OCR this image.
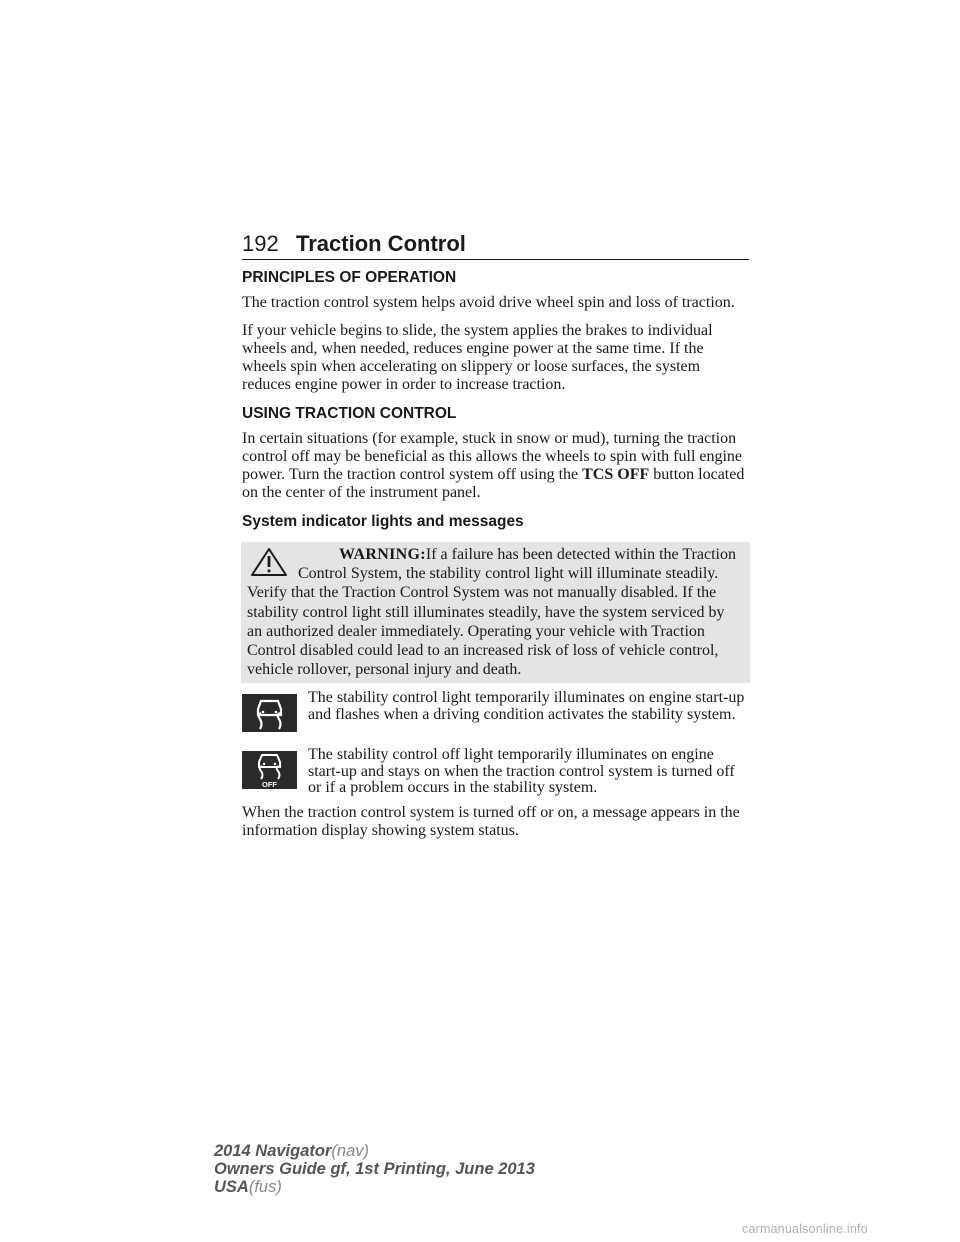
192 Traction Control
PRINCIPLES OF OPERATION

The traction control system helps avoid drive wheel spin and loss of traction.

If your vehicle begins to slide, the system applies the brakes to individual wheels and, when needed, reduces engine power at the same time. If the wheels spin when accelerating on slippery or loose surfaces, the system reduces engine power in order to increase traction.

USING TRACTION CONTROL

In certain situations (for example, stuck in snow or mud), turning the traction control off may be beneficial as this allows the wheels to spin with full engine power. Turn the traction control system off using the TCS OFF button located on the center of the instrument panel.

System indicator lights and messages
WARNING:If a failure has been detected within the Traction Control System, the stability control light will illuminate steadily. Verify that the Traction Control System was not manually disabled. If the stability control light still illuminates steadily, have the system serviced by an authorized dealer immediately. Operating your vehicle with Traction Control disabled could lead to an increased risk of loss of vehicle control, vehicle rollover, personal injury and death.
The stability control light temporarily illuminates on engine start-up and flashes when a driving condition activates the stability system.
OFF
The stability control off light temporarily illuminates on engine start-up and stays on when the traction control system is turned off or if a problem occurs in the stability system.

When the traction control system is turned off or on, a message appears in the information display showing system status.

2014 Navigator(nav)
Owners Guide gf, 1st Printing, June 2013
USA(fus)
carmanualsonline.info
